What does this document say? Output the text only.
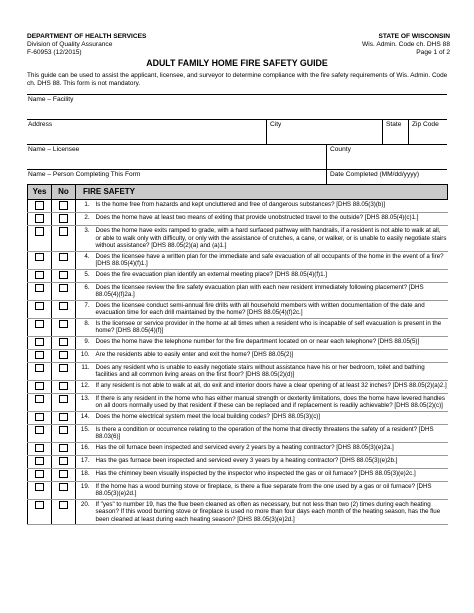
DEPARTMENT OF HEALTH SERVICES
Division of Quality Assurance
F-60953 (12/2015)
STATE OF WISCONSIN
Wis. Admin. Code ch. DHS 88
Page 1 of 2
ADULT FAMILY HOME FIRE SAFETY GUIDE
This guide can be used to assist the applicant, licensee, and surveyor to determine compliance with the fire safety requirements of Wis. Admin. Code ch. DHS 88. This form is not mandatory.
Name – Facility
Address	City	State	Zip Code
Name – Licensee	County
Name – Person Completing This Form	Date Completed (MM/dd/yyyy)
Yes	No	FIRE SAFETY	
		1.	Is the home free from hazards and kept uncluttered and free of dangerous substances? [DHS 88.05(3)(b)]
		2.	Does the home have at least two means of exiting that provide unobstructed travel to the outside? [DHS 88.05(4)(c)1.]
		3.	Does the home have exits ramped to grade, with a hard surfaced pathway with handrails, if a resident is not able to walk at all, or able to walk only with difficulty, or only with the assistance of crutches, a cane, or walker, or is unable to easily negotiate stairs without assistance? [DHS 88.05(2)(a) and (a)1.]
		4.	Does the licensee have a written plan for the immediate and safe evacuation of all occupants of the home in the event of a fire? [DHS 88.05(4)(f)1.]
		5.	Does the fire evacuation plan identify an external meeting place? [DHS 88.05(4)(f)1.]
		6.	Does the licensee review the fire safety evacuation plan with each new resident immediately following placement? [DHS 88.05(4)(f)2a.]
		7.	Does the licensee conduct semi-annual fire drills with all household members with written documentation of the date and evacuation time for each drill maintained by the home? [DHS 88.05(4)(f)2c.]
		8.	Is the licensee or service provider in the home at all times when a resident who is incapable of self evacuation is present in the home? [DHS 88.05(4)(f)]
		9.	Does the home have the telephone number for the fire department located on or near each telephone? [DHS 88.05(5)]
		10.	Are the residents able to easily enter and exit the home? [DHS 88.05(2)]
		11.	Does any resident who is unable to easily negotiate stairs without assistance have his or her bedroom, toilet and bathing facilities and all common living areas on the first floor? [DHS 88.05(2)(d)]
		12.	If any resident is not able to walk at all, do exit and interior doors have a clear opening of at least 32 inches? [DHS 88.05(2)(a)2.]
		13.	If there is any resident in the home who has either manual strength or dexterity limitations, does the home have levered handles on all doors normally used by that resident if these can be replaced and if replacement is readily achievable? [DHS 88.05(2)(c)]
		14.	Does the home electrical system meet the local building codes? [DHS 88.05(3)(c)]
		15.	Is there a condition or occurrence relating to the operation of the home that directly threatens the safety of a resident? [DHS 88.03(6)]
		16.	Has the oil furnace been inspected and serviced every 2 years by a heating contractor? [DHS 88.05(3)(e)2a.]
		17.	Has the gas furnace been inspected and serviced every 3 years by a heating contractor? [DHS 88.05(3)(e)2b.]
		18.	Has the chimney been visually inspected by the inspector who inspected the gas or oil furnace? [DHS 88.05(3)(e)2c.]
		19.	If the home has a wood burning stove or fireplace, is there a flue separate from the one used by a gas or oil furnace? [DHS 88.05(3)(e)2d.]
		20.	If "yes" to number 19, has the flue been cleaned as often as necessary, but not less than two (2) times during each heating season? If this wood burning stove or fireplace is used no more than four days each month of the heating season, has the flue been cleaned at least during each heating season? [DHS 88.05(3)(e)2d.]
